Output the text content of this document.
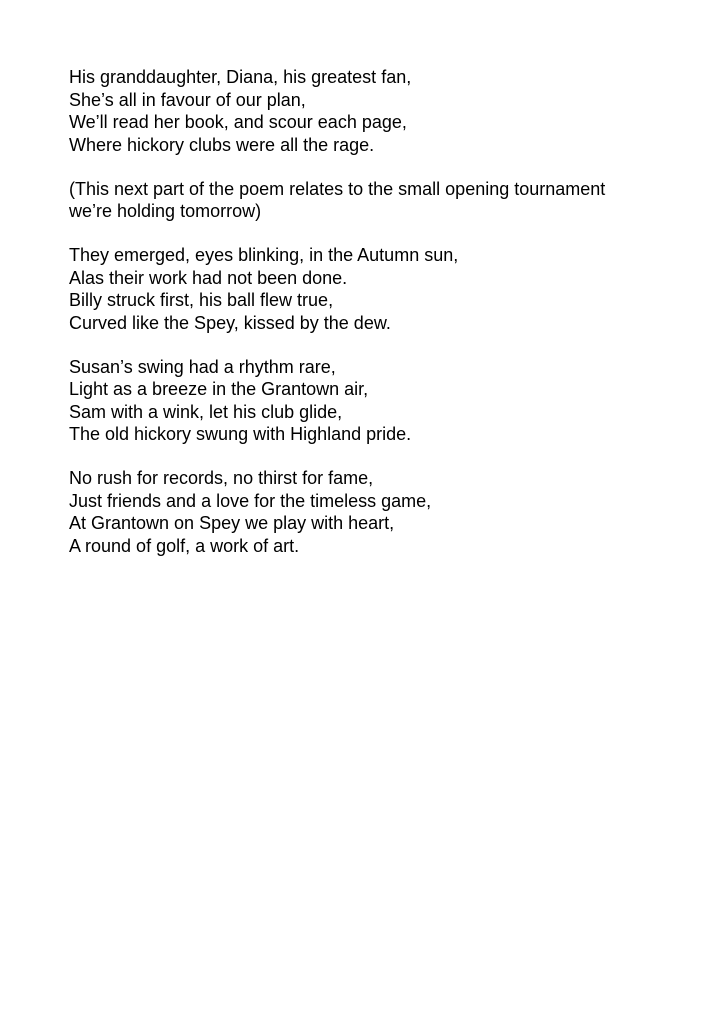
His granddaughter, Diana, his greatest fan,
She’s all in favour of our plan,
We’ll read her book, and scour each page,
Where hickory clubs were all the rage.
(This next part of the poem relates to the small opening tournament
we’re holding tomorrow)
They emerged, eyes blinking, in the Autumn sun,
Alas their work had not been done.
Billy struck first, his ball flew true,
Curved like the Spey, kissed by the dew.
Susan’s swing had a rhythm rare,
Light as a breeze in the Grantown air,
Sam with a wink, let his club glide,
The old hickory swung with Highland pride.
No rush for records, no thirst for fame,
Just friends and a love for the timeless game,
At Grantown on Spey we play with heart,
A round of golf, a work of art.
